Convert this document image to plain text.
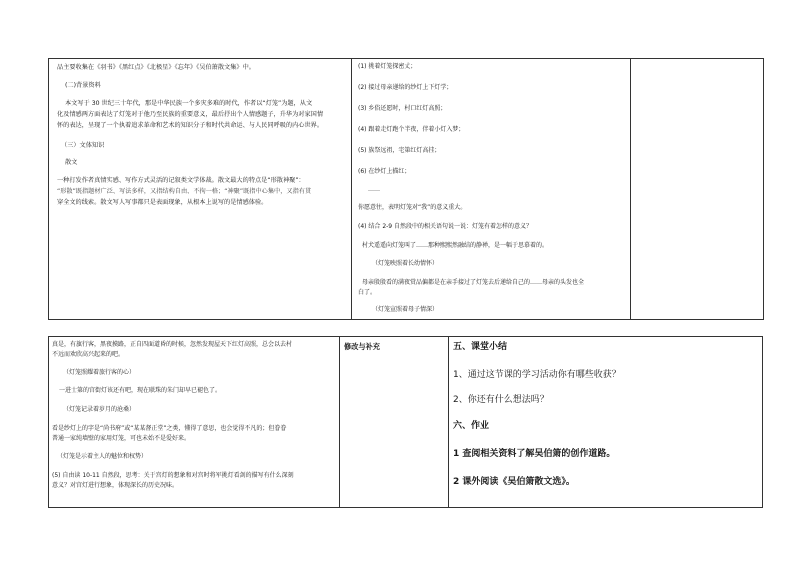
品主要收集在《羽书》《黑红点》《北极星》《忘年》《吴伯箫散文集》中。
(二)背景资料
本文写于 30 世纪三十年代，那是中华民族一个多灾多难的时代，作者以“灯笼”为题，从文
化及情感两方面表达了灯笼对于他乃至民族的重要意义，最后抒出个人情感题子，升华为对家国情
怀的表达，呈现了一个执着追求革命和艺术的知识分子和时代共命运、与人民同呼吸的内心世界。
（三）文体知识
散文
一种打发作者真情实感、写作方式灵活的记叙类文学体裁。散文最大的特点是“形散神聚”：
“形散”既指题材广泛、写法多样，又指结构自由、不拘一格；“神聚”既指中心集中，又指有贯
穿全文的线索。散文写人写事都只是表面现象，从根本上说写的是情感体验。
(1) 挑着灯笼探密丈；
(2) 接过母亲递给的纱灯上下灯学；
(3) 乡俗还愿时，村口红灯高照；
(4) 跟着走灯跑个半夜，伴着小灯入梦；
(5) 族祭远祖，宅第红灯高挂；
(6) 在纱灯上描红；
……
你愿意往，表明灯笼对“我”的意义重大。
(4) 结合 2-9 自然段中的相关语句说一说：灯笼有着怎样的意义？
村犬遥遥向灯笼叫了……那种熙熙然融结的静禅，是一幅于思慕着的。
（灯笼映照着长幼情怀）
母亲殷殷看的满夜赏品偏都是在亲手接过了灯笼去后递给自己的……母亲的头发也全
白了。
（灯笼宣照着母子情深）
真是，有旗行客，黑夜摸路，正自四面道昏的时候，忽然发现屋天下红灯高照，总会以去村
不远而欢欣高兴起来的吧。
（灯笼照耀着旅行客的心）
一进士第的宫街灯该还有吧，现在联珠的朱门却早已褪色了。
（灯笼记录着岁月的沧桑）
看是纱灯上的字是“尚书府”或“某某督正堂”之类，懂得了意思，也会觉得不凡的；但眷眷
普通一家纯墙壁的家用灯笼，可也未始不是爱好来。
（灯笼是示着主人的魅位和权势）
(5) 自由读 10-11 自然段，思考：关于宫灯的想象和对宫时将军挑灯看剑的描写有什么深刻
意义？对宫灯进行想象，体现深长的历史况味。
修改与补充	五、课堂小结
1、通过这节课的学习活动你有哪些收获？
2、你还有什么想法吗？
六、作业
1 查阅相关资料了解吴伯箫的创作道路。
2 课外阅读《吴伯箫散文选》。
